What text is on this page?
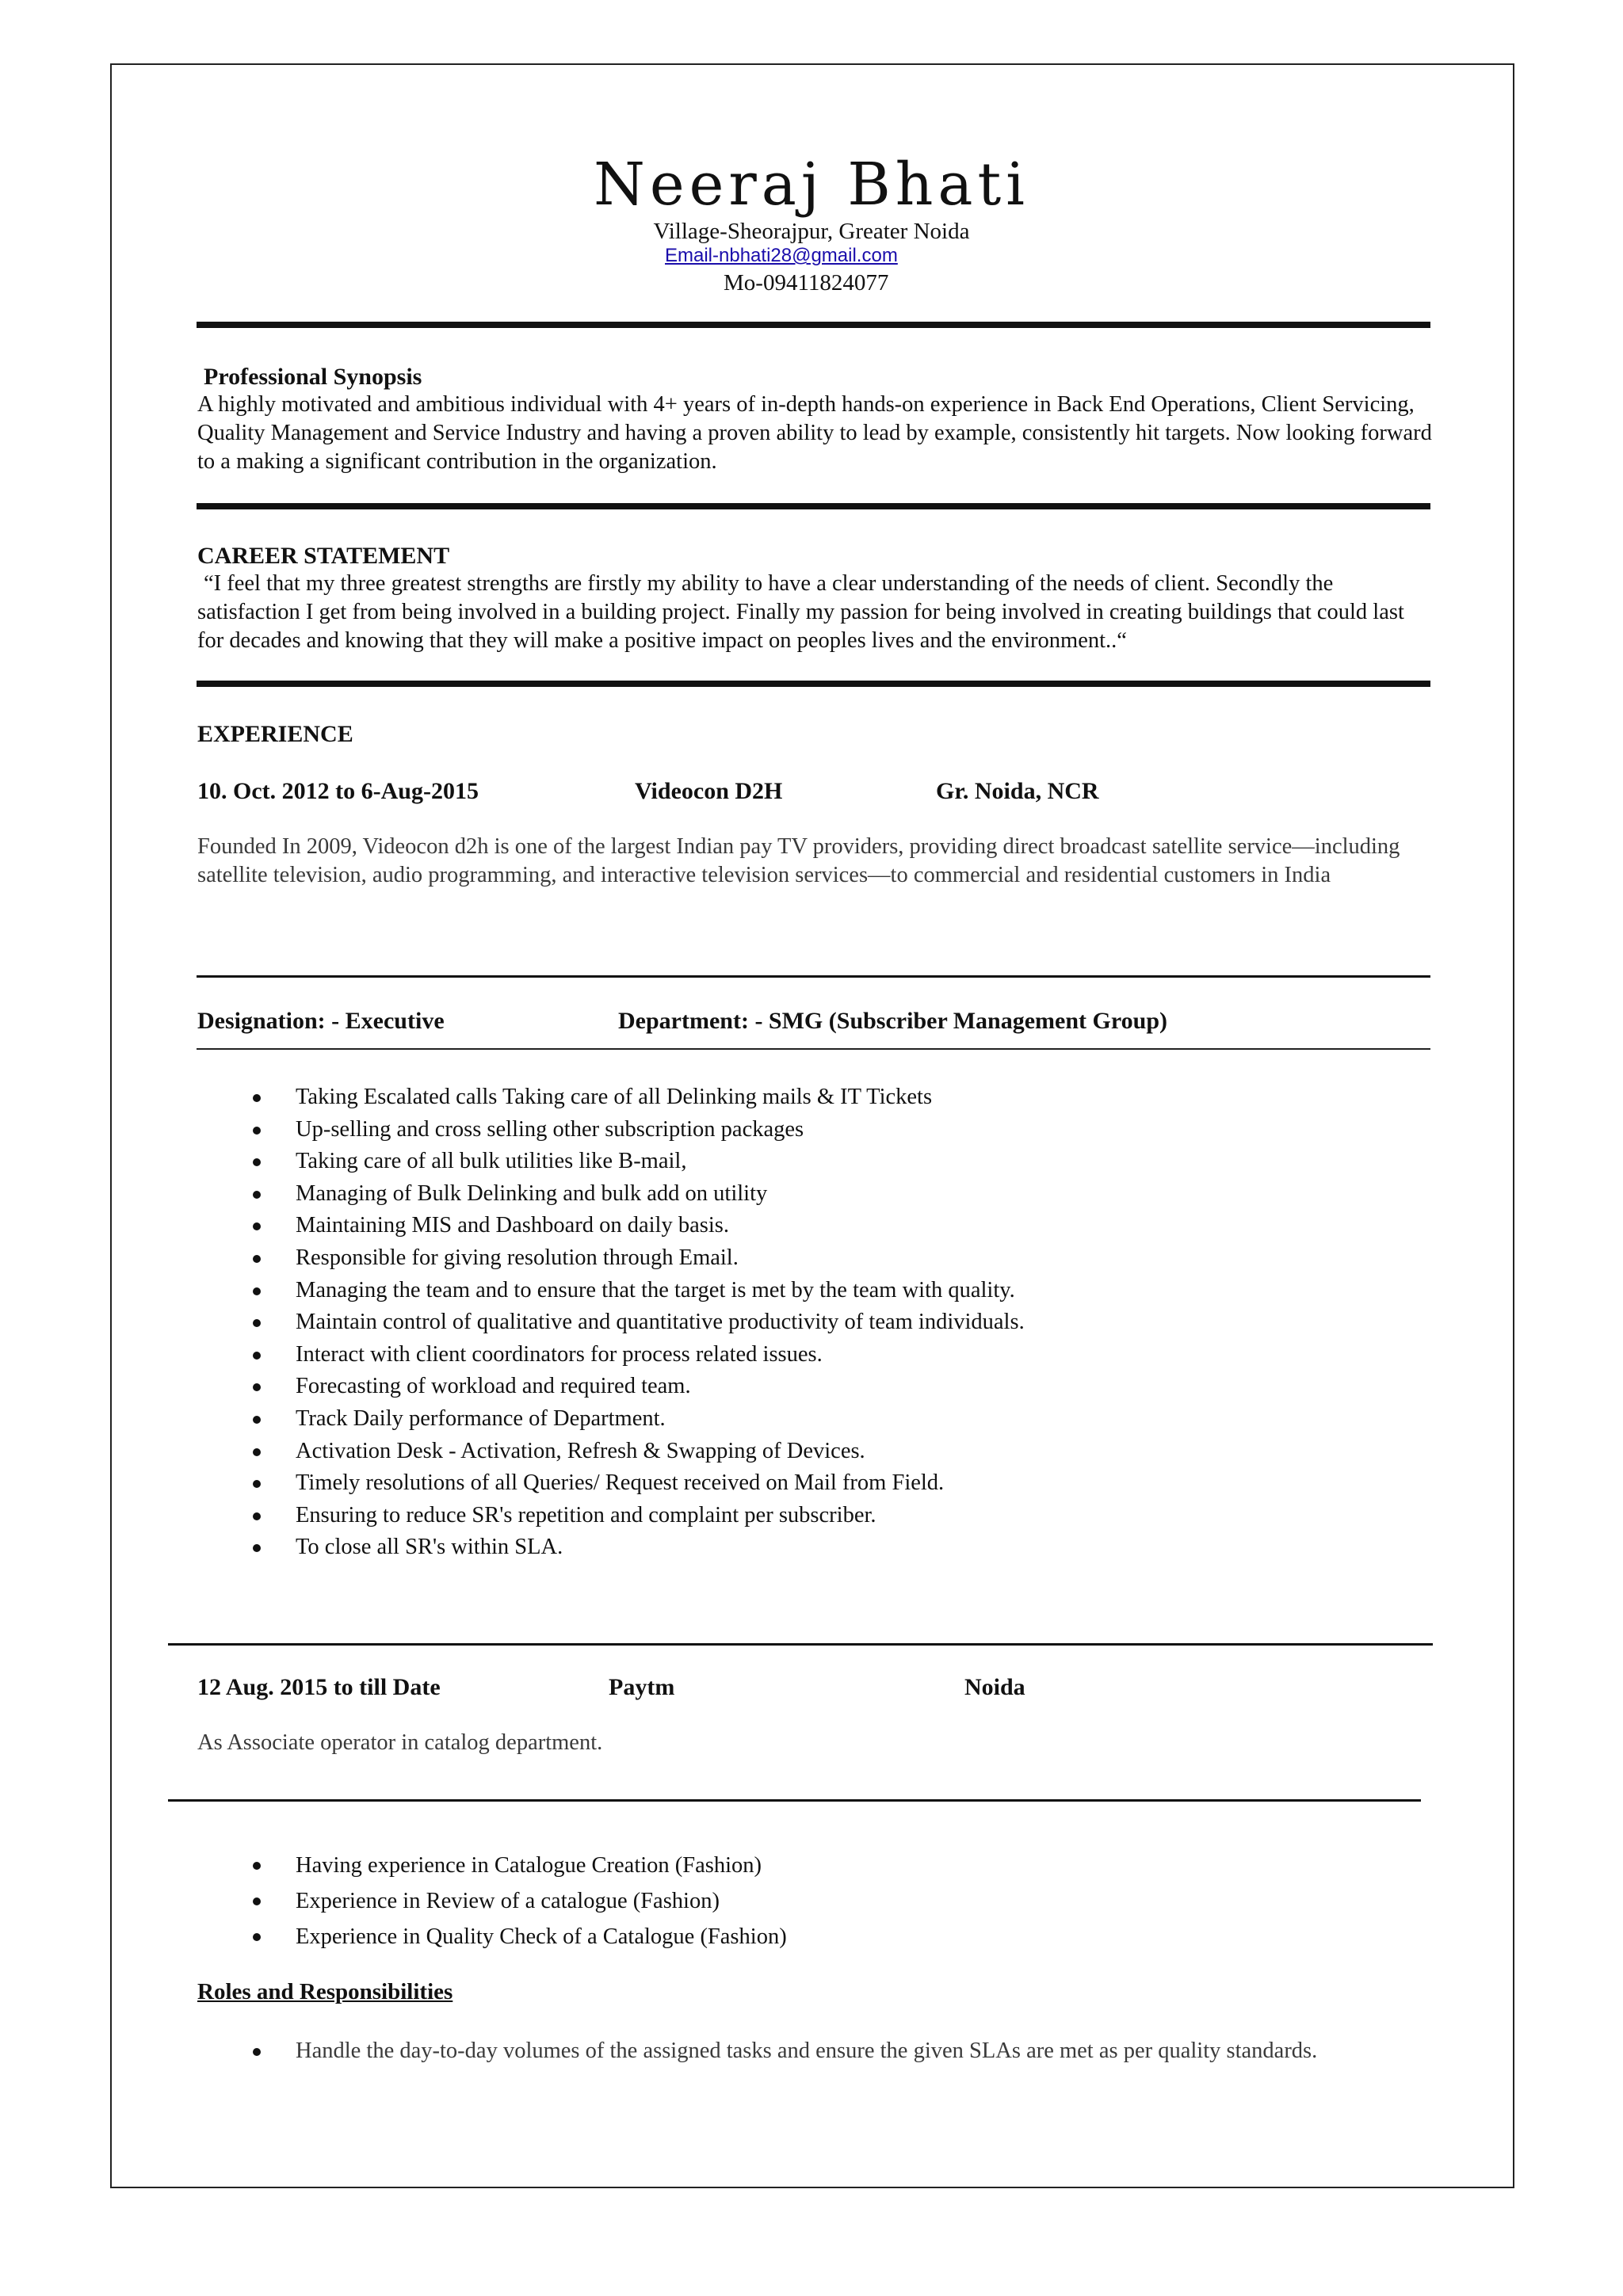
Neeraj Bhati
Village-Sheorajpur, Greater Noida
Email-nbhati28@gmail.com
Mo-09411824077
Professional Synopsis
A highly motivated and ambitious individual with 4+ years of in-depth hands-on experience in Back End Operations, Client Servicing, Quality Management and Service Industry and having a proven ability to lead by example, consistently hit targets. Now looking forward to a making a significant contribution in the organization.
CAREER STATEMENT
“I feel that my three greatest strengths are firstly my ability to have a clear understanding of the needs of client. Secondly the satisfaction I get from being involved in a building project. Finally my passion for being involved in creating buildings that could last for decades and knowing that they will make a positive impact on peoples lives and the environment..“
EXPERIENCE
10. Oct. 2012 to 6-Aug-2015	Videocon D2H	Gr. Noida, NCR
Founded In 2009, Videocon d2h is one of the largest Indian pay TV providers, providing direct broadcast satellite service—including satellite television, audio programming, and interactive television services—to commercial and residential customers in India
Designation: - Executive	Department: - SMG (Subscriber Management Group)
Taking Escalated calls Taking care of all Delinking mails & IT Tickets
Up-selling and cross selling other subscription packages
Taking care of all bulk utilities like B-mail,
Managing of Bulk Delinking and bulk add on utility
Maintaining MIS and Dashboard on daily basis.
Responsible for giving resolution through Email.
Managing the team and to ensure that the target is met by the team with quality.
Maintain control of qualitative and quantitative productivity of team individuals.
Interact with client coordinators for process related issues.
Forecasting of workload and required team.
Track Daily performance of Department.
Activation Desk - Activation, Refresh & Swapping of Devices.
Timely resolutions of all Queries/ Request received on Mail from Field.
Ensuring to reduce SR's repetition and complaint per subscriber.
To close all SR's within SLA.
12 Aug. 2015 to till Date	Paytm	Noida
As Associate operator in catalog department.
Having experience in Catalogue Creation (Fashion)
Experience in Review of a catalogue (Fashion)
Experience in Quality Check of a Catalogue (Fashion)
Roles and Responsibilities
Handle the day-to-day volumes of the assigned tasks and ensure the given SLAs are met as per quality standards.
